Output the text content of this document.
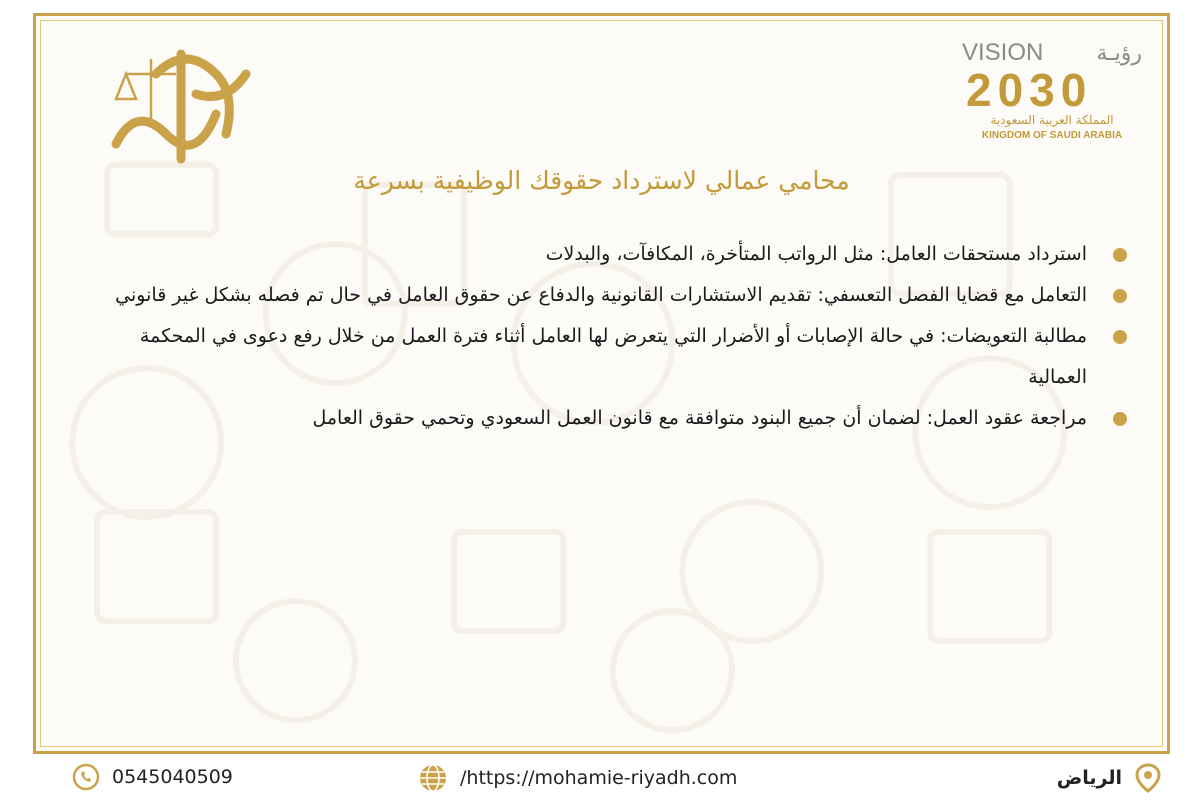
VISION رؤيـة
2030
المملكة العربية السعودية
KINGDOM OF SAUDI ARABIA
محامي عمالي لاسترداد حقوقك الوظيفية بسرعة
استرداد مستحقات العامل: مثل الرواتب المتأخرة، المكافآت، والبدلات
التعامل مع قضايا الفصل التعسفي: تقديم الاستشارات القانونية والدفاع عن حقوق العامل في حال تم فصله بشكل غير قانوني
مطالبة التعويضات: في حالة الإصابات أو الأضرار التي يتعرض لها العامل أثناء فترة العمل من خلال رفع دعوى في المحكمة العمالية
مراجعة عقود العمل: لضمان أن جميع البنود متوافقة مع قانون العمل السعودي وتحمي حقوق العامل
0545040509	/https://mohamie-riyadh.com	الرياض
